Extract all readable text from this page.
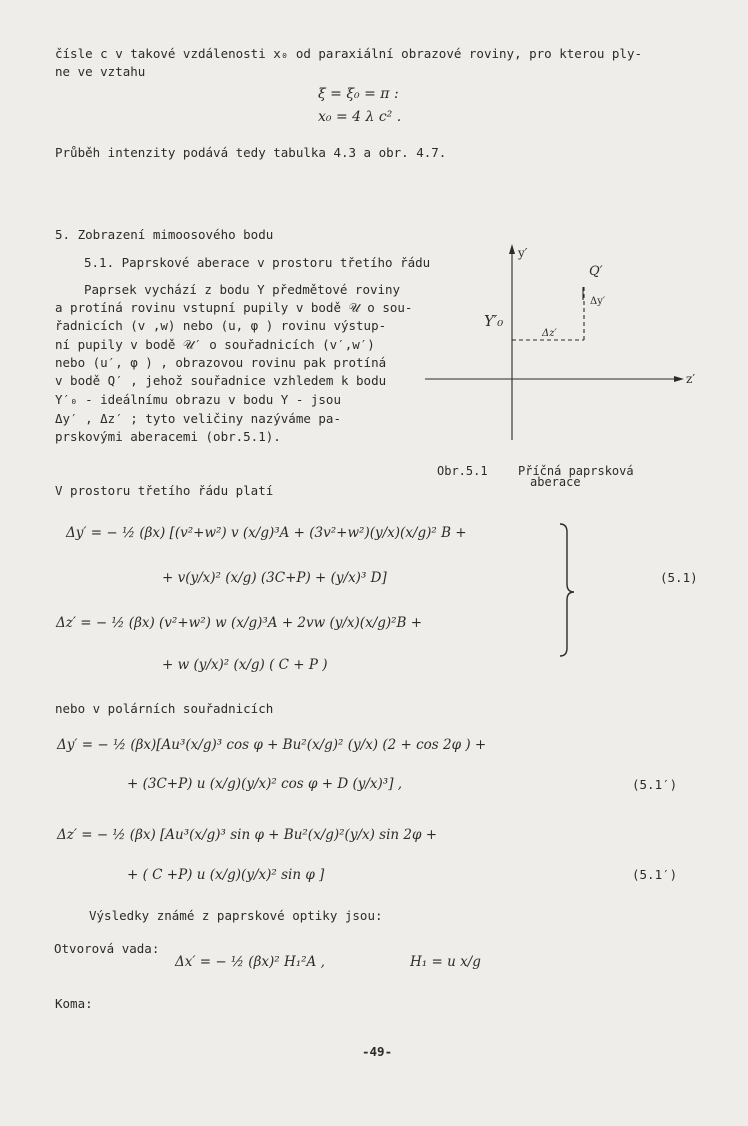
čísle c v takové vzdálenosti x₀ od paraxiální obrazové roviny, pro kterou ply-
ne ve vztahu
ξ = ξ₀ = π :
x₀ = 4 λ c² .
Průběh intenzity podává tedy tabulka 4.3 a obr. 4.7.
5. Zobrazení mimoosového bodu
5.1. Paprskové aberace v prostoru třetího řádu
Paprsek vychází z bodu Y předmětové roviny
a protíná rovinu vstupní pupily v bodě 𝒰 o sou-
řadnicích (v ,w) nebo (u, φ ) rovinu výstup-
ní pupily v bodě 𝒰′ o souřadnicích (v′,w′)
nebo (u′, φ ) , obrazovou rovinu pak protíná
v bodě Q′ , jehož souřadnice vzhledem k bodu
Y′₀ - ideálnímu obrazu v bodu Y - jsou
Δy′ , Δz′ ; tyto veličiny nazýváme pa-
prskovými aberacemi (obr.5.1).
y′
z′
Q′
Δy′
Δz′
Y′₀
Obr.5.1	Příčná paprsková
aberace
V prostoru třetího řádu platí
Δy′ = − ½ (βx) [(v²+w²) v (x/g)³A + (3v²+w²)(y/x)(x/g)² B +
+ v(y/x)² (x/g) (3C+P) + (y/x)³ D]	(5.1)
Δz′ = − ½ (βx) (v²+w²) w (x/g)³A + 2vw (y/x)(x/g)²B +
+ w (y/x)² (x/g) ( C + P )
nebo v polárních souřadnicích
Δy′ = − ½ (βx)[Au³(x/g)³ cos φ + Bu²(x/g)² (y/x) (2 + cos 2φ ) +
+ (3C+P) u (x/g)(y/x)² cos φ + D (y/x)³] ,	(5.1′)
Δz′ = − ½ (βx) [Au³(x/g)³ sin φ + Bu²(x/g)²(y/x) sin 2φ +
+ ( C +P) u (x/g)(y/x)² sin φ ]	(5.1′)
Výsledky známé z paprskové optiky jsou:
Otvorová vada:
Δx′ = − ½ (βx)² H₁²A ,	H₁ = u x/g
Koma:
-49-
